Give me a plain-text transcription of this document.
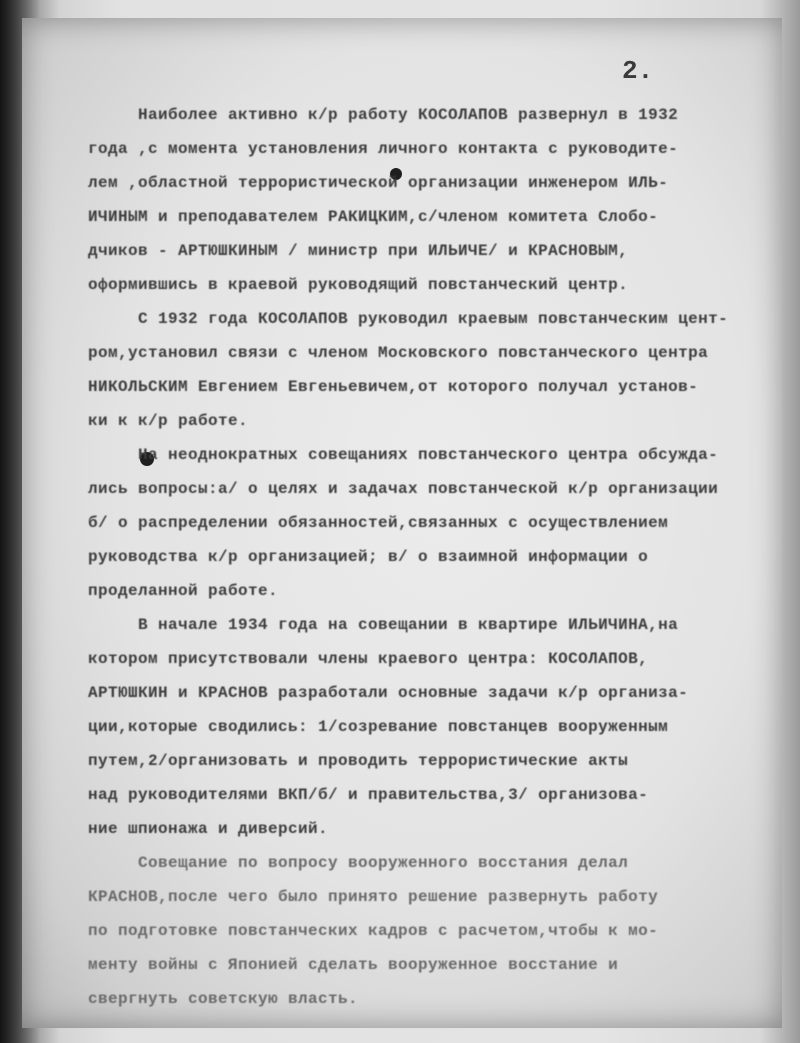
2.
Наиболее активно к/р работу КОСОЛАПОВ развернул в 1932
года ,с момента установления личного контакта с руководите-
лем ,областной террористической организации инженером ИЛЬ-
ИЧИНЫМ и преподавателем РАКИЦКИМ,с/членом комитета Слобо-
дчиков - АРТЮШКИНЫМ / министр при ИЛЬИЧЕ/ и КРАСНОВЫМ,
оформившись в краевой руководящий повстанческий центр.
С 1932 года КОСОЛАПОВ руководил краевым повстанческим цент-
ром,установил связи с членом Московского повстанческого центра
НИКОЛЬСКИМ Евгением Евгеньевичем,от которого получал установ-
ки к к/р работе.
На неоднократных совещаниях повстанческого центра обсужда-
лись вопросы:а/ о целях и задачах повстанческой к/р организации
б/ о распределении обязанностей,связанных с осуществлением
руководства к/р организацией; в/ о взаимной информации о
проделанной работе.
В начале 1934 года на совещании в квартире ИЛЬИЧИНА,на
котором присутствовали члены краевого центра: КОСОЛАПОВ,
АРТЮШКИН и КРАСНОВ разработали основные задачи к/р организа-
ции,которые сводились: 1/созревание повстанцев вооруженным
путем,2/организовать и проводить террористические акты
над руководителями ВКП/б/ и правительства,3/ организова-
ние шпионажа и диверсий.
Совещание по вопросу вооруженного восстания делал
КРАСНОВ,после чего было принято решение развернуть работу
по подготовке повстанческих кадров с расчетом,чтобы к мо-
менту войны с Японией сделать вооруженное восстание и
свергнуть советскую власть.
